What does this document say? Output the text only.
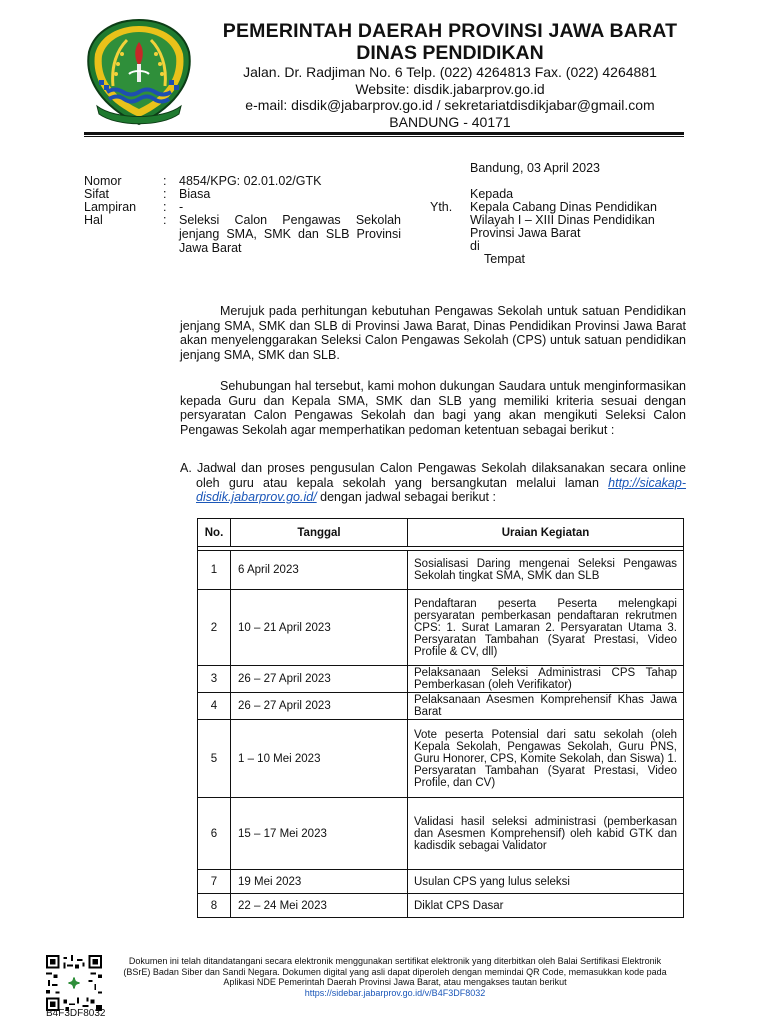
PEMERINTAH DAERAH PROVINSI JAWA BARAT
DINAS PENDIDIKAN
Jalan. Dr. Radjiman No. 6 Telp. (022) 4264813 Fax. (022) 4264881
Website: disdik.jabarprov.go.id
e-mail: disdik@jabarprov.go.id / sekretariatdisdikjabar@gmail.com
BANDUNG - 40171
Bandung, 03 April 2023
Nomor	: 4854/KPG: 02.01.02/GTK
Sifat	: Biasa
Lampiran	: -
Hal	: Seleksi Calon Pengawas Sekolah
jenjang SMA, SMK dan SLB Provinsi
Jawa Barat
Kepada
Yth. Kepala Cabang Dinas Pendidikan
Wilayah I – XIII Dinas Pendidikan
Provinsi Jawa Barat
di
Tempat
Merujuk pada perhitungan kebutuhan Pengawas Sekolah untuk satuan Pendidikan jenjang SMA, SMK dan SLB di Provinsi Jawa Barat, Dinas Pendidikan Provinsi Jawa Barat akan menyelenggarakan Seleksi Calon Pengawas Sekolah (CPS) untuk satuan pendidikan jenjang SMA, SMK dan SLB.
Sehubungan hal tersebut, kami mohon dukungan Saudara untuk menginformasikan kepada Guru dan Kepala SMA, SMK dan SLB yang memiliki kriteria sesuai dengan persyaratan Calon Pengawas Sekolah dan bagi yang akan mengikuti Seleksi Calon Pengawas Sekolah agar memperhatikan pedoman ketentuan sebagai berikut :
A. Jadwal dan proses pengusulan Calon Pengawas Sekolah dilaksanakan secara online oleh guru atau kepala sekolah yang bersangkutan melalui laman http://sicakap-disdik.jabarprov.go.id/ dengan jadwal sebagai berikut :
No.	Tanggal	Uraian Kegiatan

1	6 April 2023	Sosialisasi Daring mengenai Seleksi Pengawas Sekolah tingkat SMA, SMK dan SLB
2	10 – 21 April 2023	Pendaftaran peserta Peserta melengkapi persyaratan pemberkasan pendaftaran rekrutmen CPS: 1. Surat Lamaran 2. Persyaratan Utama 3. Persyaratan Tambahan (Syarat Prestasi, Video Profile & CV, dll)
3	26 – 27 April 2023	Pelaksanaan Seleksi Administrasi CPS Tahap Pemberkasan (oleh Verifikator)
4	26 – 27 April 2023	Pelaksanaan Asesmen Komprehensif Khas Jawa Barat
5	1 – 10 Mei 2023	Vote peserta Potensial dari satu sekolah (oleh Kepala Sekolah, Pengawas Sekolah, Guru PNS, Guru Honorer, CPS, Komite Sekolah, dan Siswa) 1. Persyaratan Tambahan (Syarat Prestasi, Video Profile, dan CV)
6	15 – 17 Mei 2023	Validasi hasil seleksi administrasi (pemberkasan dan Asesmen Komprehensif) oleh kabid GTK dan kadisdik sebagai Validator
7	19 Mei 2023	Usulan CPS yang lulus seleksi
8	22 – 24 Mei 2023	Diklat CPS Dasar
B4F3DF8032
Dokumen ini telah ditandatangani secara elektronik menggunakan sertifikat elektronik yang diterbitkan oleh Balai Sertifikasi Elektronik (BSrE) Badan Siber dan Sandi Negara. Dokumen digital yang asli dapat diperoleh dengan memindai QR Code, memasukkan kode pada Aplikasi NDE Pemerintah Daerah Provinsi Jawa Barat, atau mengakses tautan berikut
https://sidebar.jabarprov.go.id/v/B4F3DF8032
